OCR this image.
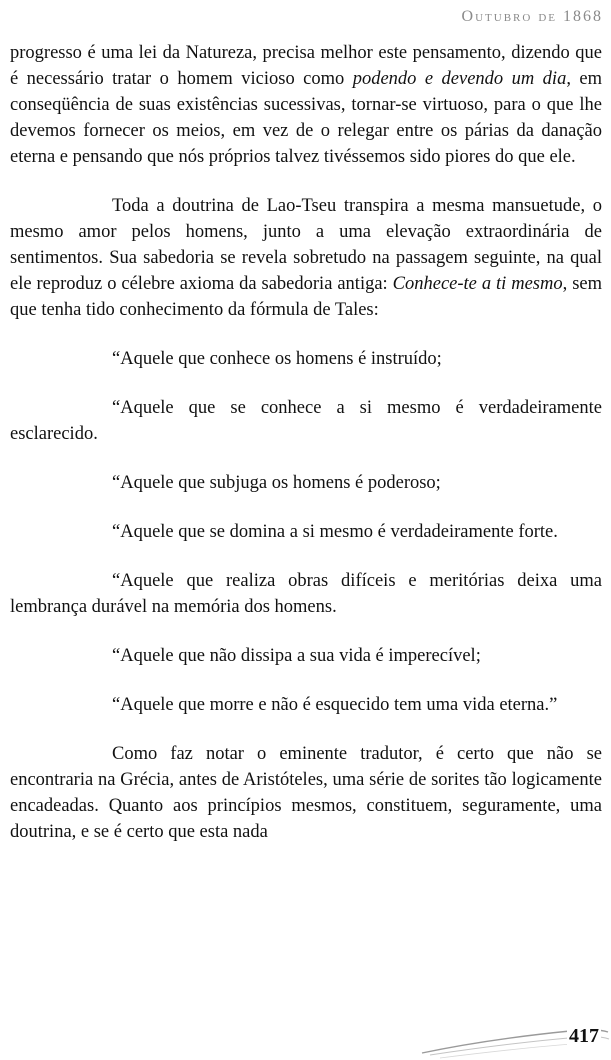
Outubro de 1868

progresso é uma lei da Natureza, precisa melhor este pensamento, dizendo que é necessário tratar o homem vicioso como podendo e devendo um dia, em conseqüência de suas existências sucessivas, tornar-se virtuoso, para o que lhe devemos fornecer os meios, em vez de o relegar entre os párias da danação eterna e pensando que nós próprios talvez tivéssemos sido piores do que ele.

Toda a doutrina de Lao-Tseu transpira a mesma mansuetude, o mesmo amor pelos homens, junto a uma elevação extraordinária de sentimentos. Sua sabedoria se revela sobretudo na passagem seguinte, na qual ele reproduz o célebre axioma da sabedoria antiga: Conhece-te a ti mesmo, sem que tenha tido conhecimento da fórmula de Tales:

“Aquele que conhece os homens é instruído;

“Aquele que se conhece a si mesmo é verdadeiramente esclarecido.

“Aquele que subjuga os homens é poderoso;

“Aquele que se domina a si mesmo é verdadeiramente forte.

“Aquele que realiza obras difíceis e meritórias deixa uma lembrança durável na memória dos homens.

“Aquele que não dissipa a sua vida é imperecível;

“Aquele que morre e não é esquecido tem uma vida eterna.”

Como faz notar o eminente tradutor, é certo que não se encontraria na Grécia, antes de Aristóteles, uma série de sorites tão logicamente encadeadas. Quanto aos princípios mesmos, constituem, seguramente, uma doutrina, e se é certo que esta nada

417
